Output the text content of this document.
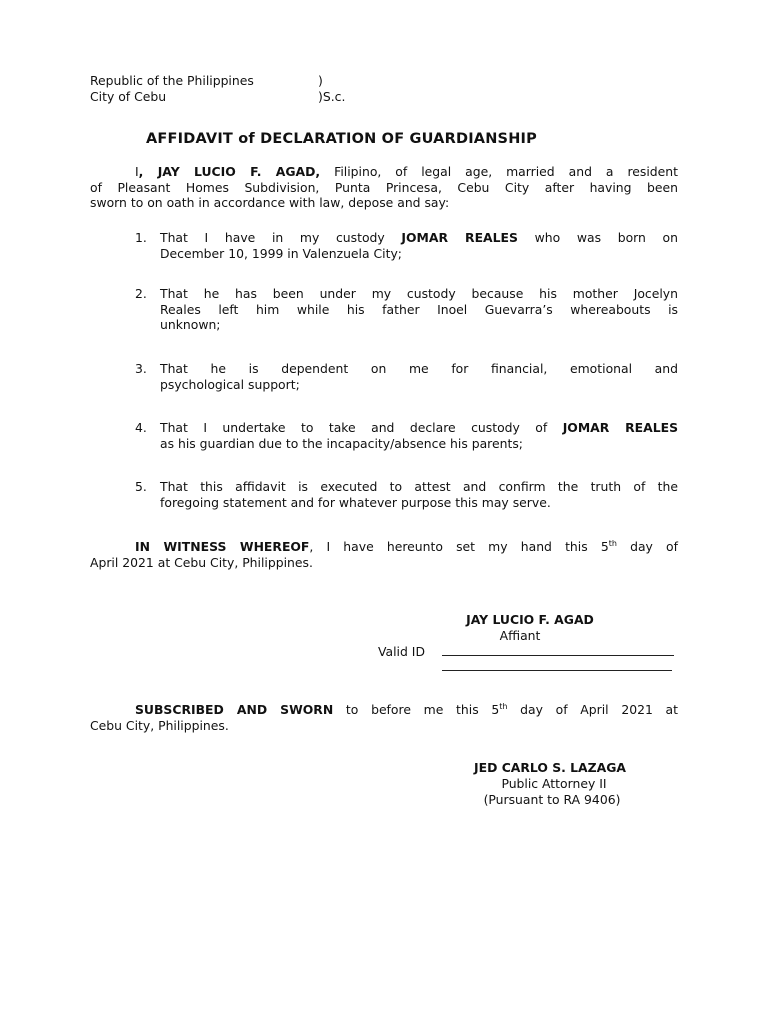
Republic of the Philippines	)
City of Cebu	)S.c.
AFFIDAVIT of DECLARATION OF GUARDIANSHIP
I, JAY LUCIO F. AGAD, Filipino, of legal age, married and a resident
of Pleasant Homes Subdivision, Punta Princesa, Cebu City after having been
sworn to on oath in accordance with law, depose and say:
1. That I have in my custody JOMAR REALES who was born on
December 10, 1999 in Valenzuela City;
2. That he has been under my custody because his mother Jocelyn
Reales left him while his father Inoel Guevarra’s whereabouts is
unknown;
3. That he is dependent on me for financial, emotional and
psychological support;
4. That I undertake to take and declare custody of JOMAR REALES
as his guardian due to the incapacity/absence his parents;
5. That this affidavit is executed to attest and confirm the truth of the
foregoing statement and for whatever purpose this may serve.
IN WITNESS WHEREOF, I have hereunto set my hand this 5th day of
April 2021 at Cebu City, Philippines.
JAY LUCIO F. AGAD
Affiant
Valid ID
SUBSCRIBED AND SWORN to before me this 5th day of April 2021 at
Cebu City, Philippines.
JED CARLO S. LAZAGA
Public Attorney II
(Pursuant to RA 9406)
